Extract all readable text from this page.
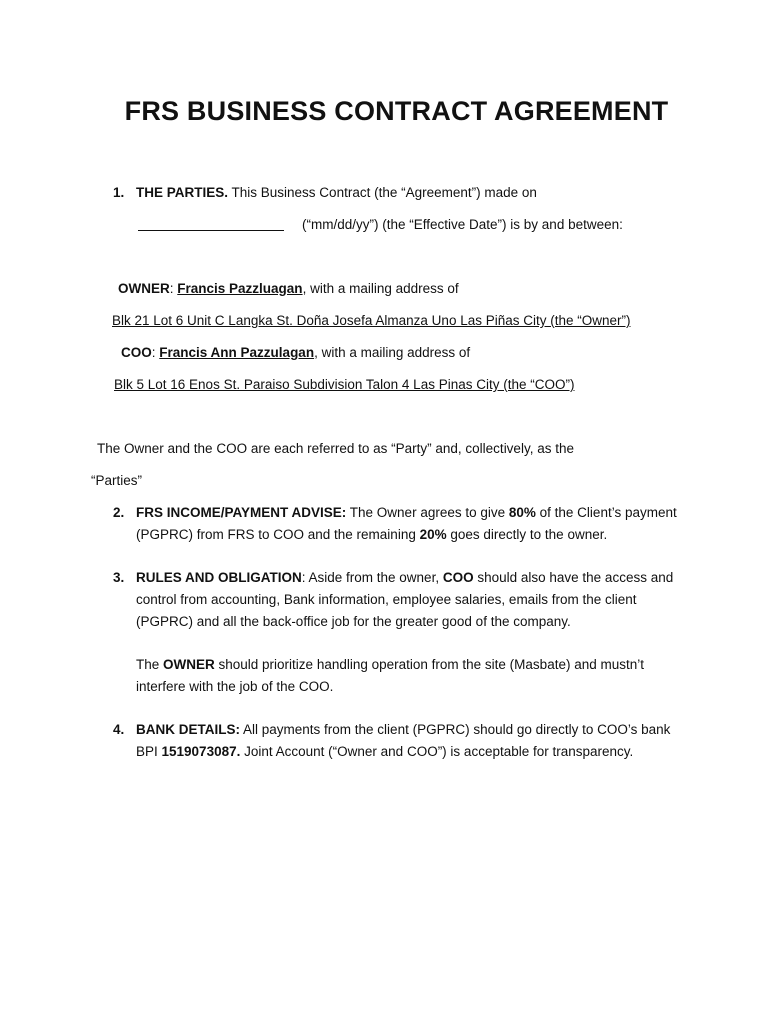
FRS BUSINESS CONTRACT AGREEMENT
1. THE PARTIES. This Business Contract (the “Agreement”) made on
(“mm/dd/yy”) (the “Effective Date”) is by and between:
OWNER: Francis Pazzluagan, with a mailing address of
Blk 21 Lot 6 Unit C Langka St. Doña Josefa Almanza Uno Las Piñas City (the “Owner”)
COO: Francis Ann Pazzulagan, with a mailing address of
Blk 5 Lot 16 Enos St. Paraiso Subdivision Talon 4 Las Pinas City (the “COO”)
The Owner and the COO are each referred to as “Party” and, collectively, as the
“Parties”
2. FRS INCOME/PAYMENT ADVISE: The Owner agrees to give 80% of the Client’s payment
(PGPRC) from FRS to COO and the remaining 20% goes directly to the owner.
3. RULES AND OBLIGATION: Aside from the owner, COO should also have the access and
control from accounting, Bank information, employee salaries, emails from the client
(PGPRC) and all the back-office job for the greater good of the company.
The OWNER should prioritize handling operation from the site (Masbate) and mustn’t
interfere with the job of the COO.
4. BANK DETAILS: All payments from the client (PGPRC) should go directly to COO’s bank
BPI 1519073087. Joint Account (“Owner and COO”) is acceptable for transparency.
